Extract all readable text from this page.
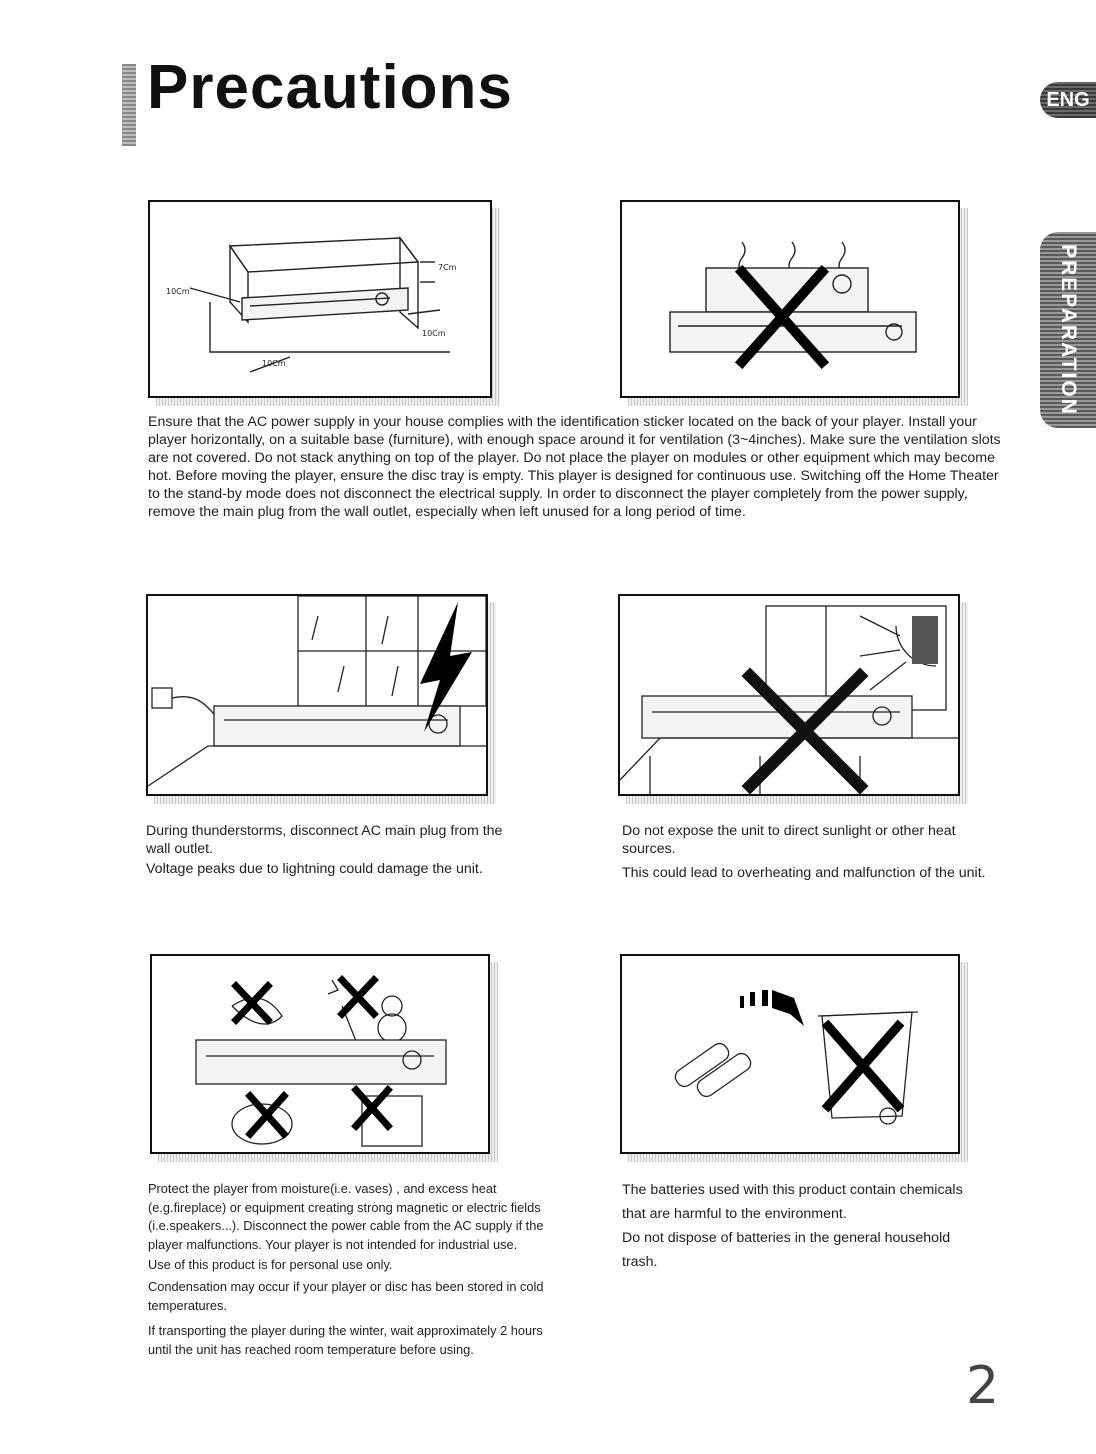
Precautions	ENG
PREPARATION
10Cm
7Cm
10Cm
10Cm

Ensure that the AC power supply in your house complies with the identification sticker located on the back of your player. Install your player horizontally, on a suitable base (furniture), with enough space around it for ventilation (3~4inches). Make sure the ventilation slots are not covered. Do not stack anything on top of the player. Do not place the player on modules or other equipment which may become hot. Before moving the player, ensure the disc tray is empty. This player is designed for continuous use. Switching off the Home Theater to the stand-by mode does not disconnect the electrical supply. In order to disconnect the player completely from the power supply, remove the main plug from the wall outlet, especially when left unused for a long period of time.

During thunderstorms, disconnect AC main plug from the wall outlet.

Voltage peaks due to lightning could damage the unit.

Do not expose the unit to direct sunlight or other heat sources.

This could lead to overheating and malfunction of the unit.

Protect the player from moisture(i.e. vases) , and excess heat (e.g.fireplace) or equipment creating strong magnetic or electric fields (i.e.speakers...). Disconnect the power cable from the AC supply if the player malfunctions. Your player is not intended for industrial use.

Use of this product is for personal use only.

Condensation may occur if your player or disc has been stored in cold temperatures.

If transporting the player during the winter, wait approximately 2 hours until the unit has reached room temperature before using.

The batteries used with this product contain chemicals that are harmful to the environment.

Do not dispose of batteries in the general household trash.

2
